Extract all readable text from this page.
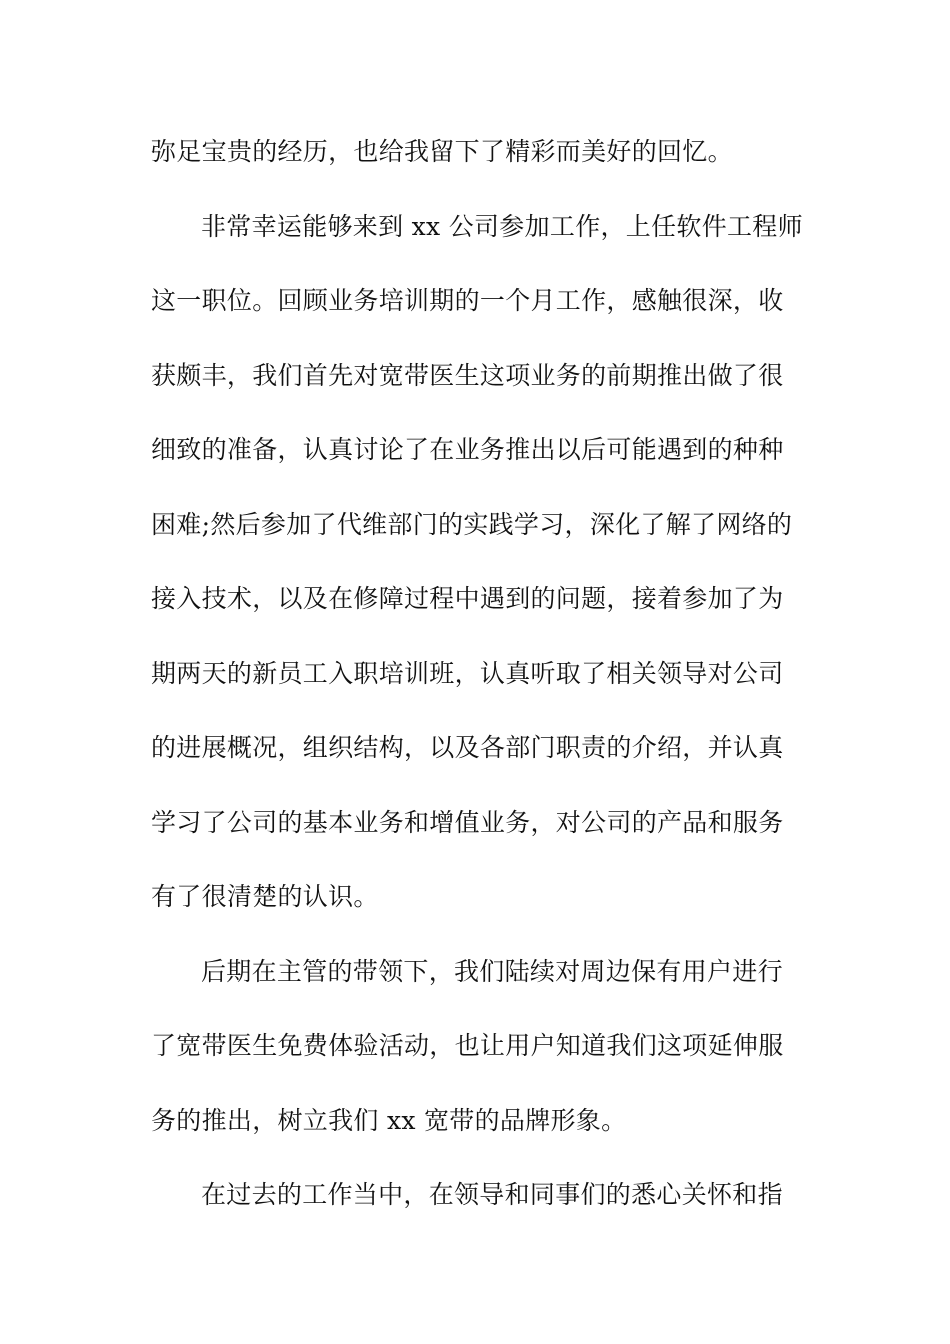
弥足宝贵的经历，也给我留下了精彩而美好的回忆。
非常幸运能够来到 xx 公司参加工作，上任软件工程师
这一职位。回顾业务培训期的一个月工作，感触很深，收
获颇丰，我们首先对宽带医生这项业务的前期推出做了很
细致的准备，认真讨论了在业务推出以后可能遇到的种种
困难;然后参加了代维部门的实践学习，深化了解了网络的
接入技术，以及在修障过程中遇到的问题，接着参加了为
期两天的新员工入职培训班，认真听取了相关领导对公司
的进展概况，组织结构，以及各部门职责的介绍，并认真
学习了公司的基本业务和增值业务，对公司的产品和服务
有了很清楚的认识。
后期在主管的带领下，我们陆续对周边保有用户进行
了宽带医生免费体验活动，也让用户知道我们这项延伸服
务的推出，树立我们 xx 宽带的品牌形象。
在过去的工作当中，在领导和同事们的悉心关怀和指
